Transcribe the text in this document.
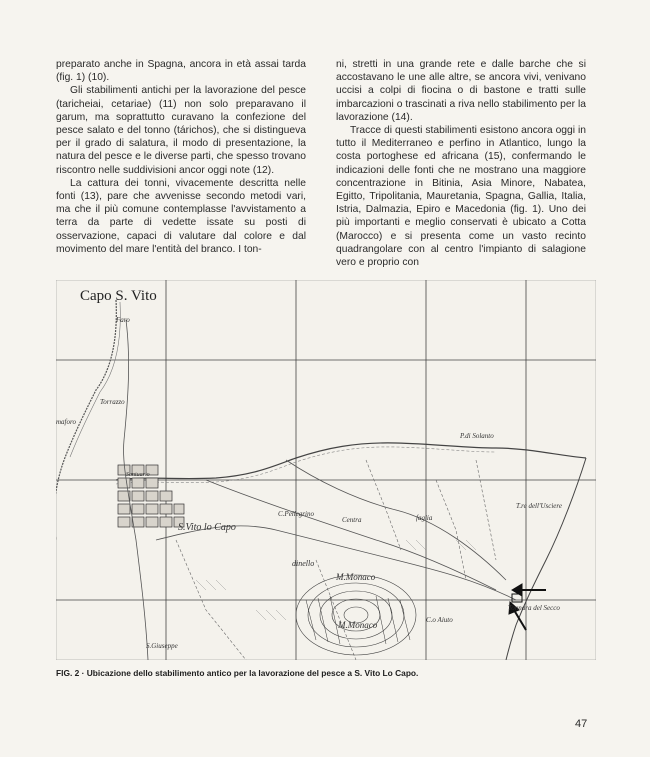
preparato anche in Spagna, ancora in età assai tarda (fig. 1) (10).

Gli stabilimenti antichi per la lavorazione del pesce (taricheiai, cetariae) (11) non solo preparavano il garum, ma soprattutto curavano la confezione del pesce salato e del tonno (tárichos), che si distingueva per il grado di salatura, il modo di presentazione, la natura del pesce e le diverse parti, che spesso trovano riscontro nelle suddivisioni ancor oggi note (12).

La cattura dei tonni, vivacemente descritta nelle fonti (13), pare che avvenisse secondo metodi vari, ma che il più comune contemplasse l'avvistamento a terra da parte di vedette issate su posti di osservazione, capaci di valutare dal colore e dal movimento del mare l'entità del branco. I ton-

ni, stretti in una grande rete e dalle barche che si accostavano le une alle altre, se ancora vivi, venivano uccisi a colpi di fiocina o di bastone e tratti sulle imbarcazioni o trascinati a riva nello stabilimento per la lavorazione (14).

Tracce di questi stabilimenti esistono ancora oggi in tutto il Mediterraneo e perfino in Atlantico, lungo la costa portoghese ed africana (15), confermando le indicazioni delle fonti che ne mostrano una maggiore concentrazione in Bitinia, Asia Minore, Nabatea, Egitto, Tripolitania, Mauretania, Spagna, Gallia, Italia, Istria, Dalmazia, Epiro e Macedonia (fig. 1). Uno dei più importanti e meglio conservati è ubicato a Cotta (Marocco) e si presenta come un vasto recinto quadrangolare con al centro l'impianto di salagione vero e proprio con

Capo S. Vito
Faro
Torrazzo
maforo
Santuario
S.Vito lo Capo
C.Pellegrino
P.di Solanto
T.re dell'Usciere
M.Monaco
M.Monaco	C.o Aiuto
Tonnara del Secco
S.Giuseppe
dinello
Centra	faglia
FIG. 2 · Ubicazione dello stabilimento antico per la lavorazione del pesce a S. Vito Lo Capo.
47
